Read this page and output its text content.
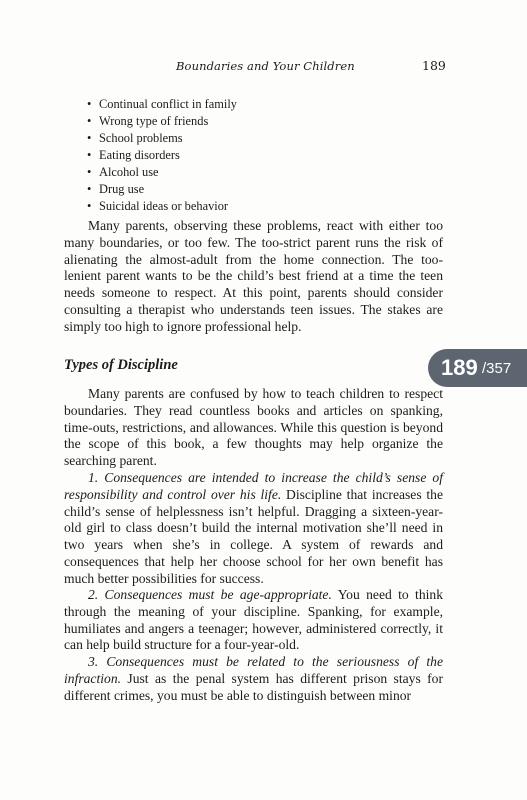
Boundaries and Your Children	189
• Continual conflict in family
• Wrong type of friends
• School problems
• Eating disorders
• Alcohol use
• Drug use
• Suicidal ideas or behavior

Many parents, observing these problems, react with either too many boundaries, or too few. The too-strict parent runs the risk of alienating the almost-adult from the home connection. The too-lenient parent wants to be the child’s best friend at a time the teen needs someone to respect. At this point, parents should consider consulting a therapist who understands teen issues. The stakes are simply too high to ignore professional help.

Types of Discipline

Many parents are confused by how to teach children to respect boundaries. They read countless books and articles on spanking, time-outs, restrictions, and allowances. While this question is beyond the scope of this book, a few thoughts may help organize the searching parent.

1. Consequences are intended to increase the child’s sense of responsibility and control over his life. Discipline that increases the child’s sense of helplessness isn’t helpful. Dragging a sixteen-year-old girl to class doesn’t build the internal motivation she’ll need in two years when she’s in college. A system of rewards and consequences that help her choose school for her own benefit has much better possibilities for success.

2. Consequences must be age-appropriate. You need to think through the meaning of your discipline. Spanking, for example, humiliates and angers a teenager; however, administered correctly, it can help build structure for a four-year-old.

3. Consequences must be related to the seriousness of the infraction. Just as the penal system has different prison stays for different crimes, you must be able to distinguish between minor

189 /357
